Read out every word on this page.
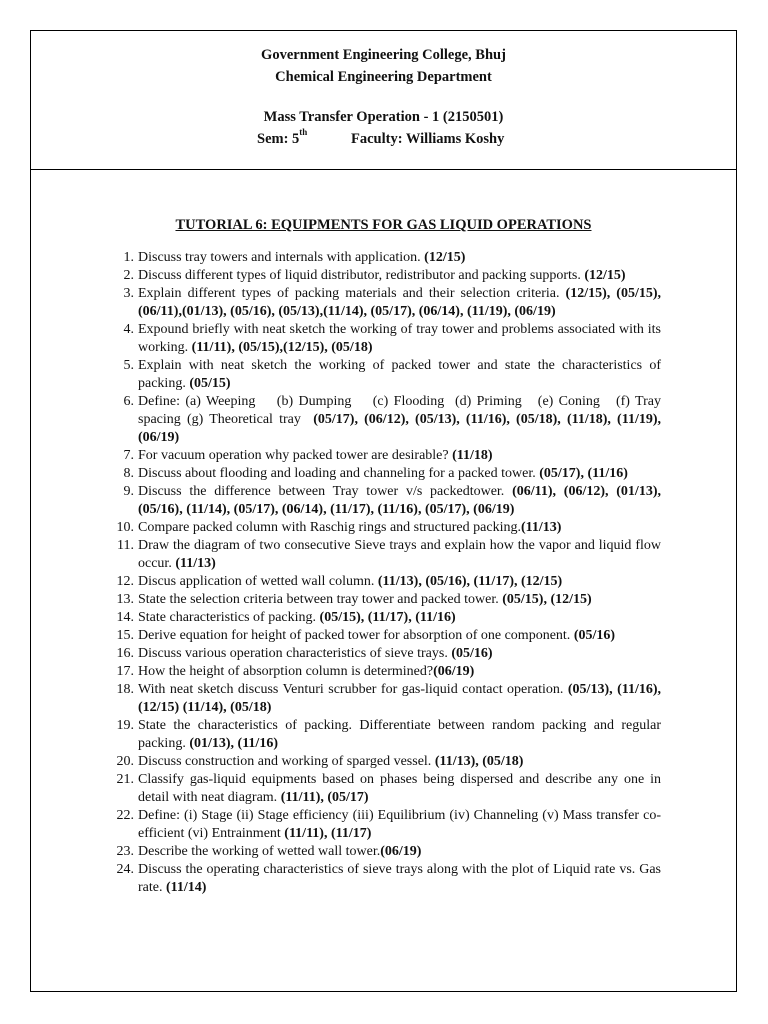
Government Engineering College, Bhuj
Chemical Engineering Department
Mass Transfer Operation - 1 (2150501)
Sem: 5th	Faculty: Williams Koshy
TUTORIAL 6: EQUIPMENTS FOR GAS LIQUID OPERATIONS
1. Discuss tray towers and internals with application. (12/15)
2. Discuss different types of liquid distributor, redistributor and packing supports. (12/15)
3. Explain different types of packing materials and their selection criteria. (12/15), (05/15), (06/11),(01/13), (05/16), (05/13),(11/14), (05/17), (06/14), (11/19), (06/19)
4. Expound briefly with neat sketch the working of tray tower and problems associated with its working. (11/11), (05/15),(12/15), (05/18)
5. Explain with neat sketch the working of packed tower and state the characteristics of packing. (05/15)
6. Define: (a) Weeping    (b) Dumping    (c) Flooding  (d) Priming   (e) Coning   (f) Tray spacing (g) Theoretical tray  (05/17), (06/12), (05/13), (11/16), (05/18), (11/18), (11/19),(06/19)
7. For vacuum operation why packed tower are desirable? (11/18)
8. Discuss about flooding and loading and channeling for a packed tower. (05/17), (11/16)
9. Discuss the difference between Tray tower v/s packedtower. (06/11), (06/12), (01/13),(05/16), (11/14), (05/17), (06/14), (11/17), (11/16), (05/17), (06/19)
10. Compare packed column with Raschig rings and structured packing.(11/13)
11. Draw the diagram of two consecutive Sieve trays and explain how the vapor and liquid flow occur. (11/13)
12. Discus application of wetted wall column. (11/13), (05/16), (11/17), (12/15)
13. State the selection criteria between tray tower and packed tower. (05/15), (12/15)
14. State characteristics of packing. (05/15), (11/17), (11/16)
15. Derive equation for height of packed tower for absorption of one component. (05/16)
16. Discuss various operation characteristics of sieve trays. (05/16)
17. How the height of absorption column is determined?(06/19)
18. With neat sketch discuss Venturi scrubber for gas-liquid contact operation. (05/13), (11/16), (12/15) (11/14), (05/18)
19. State the characteristics of packing. Differentiate between random packing and regular packing. (01/13), (11/16)
20. Discuss construction and working of sparged vessel. (11/13), (05/18)
21. Classify gas-liquid equipments based on phases being dispersed and describe any one in detail with neat diagram. (11/11), (05/17)
22. Define: (i) Stage (ii) Stage efficiency (iii) Equilibrium (iv) Channeling (v) Mass transfer co-efficient (vi) Entrainment (11/11), (11/17)
23. Describe the working of wetted wall tower.(06/19)
24. Discuss the operating characteristics of sieve trays along with the plot of Liquid rate vs. Gas rate. (11/14)
